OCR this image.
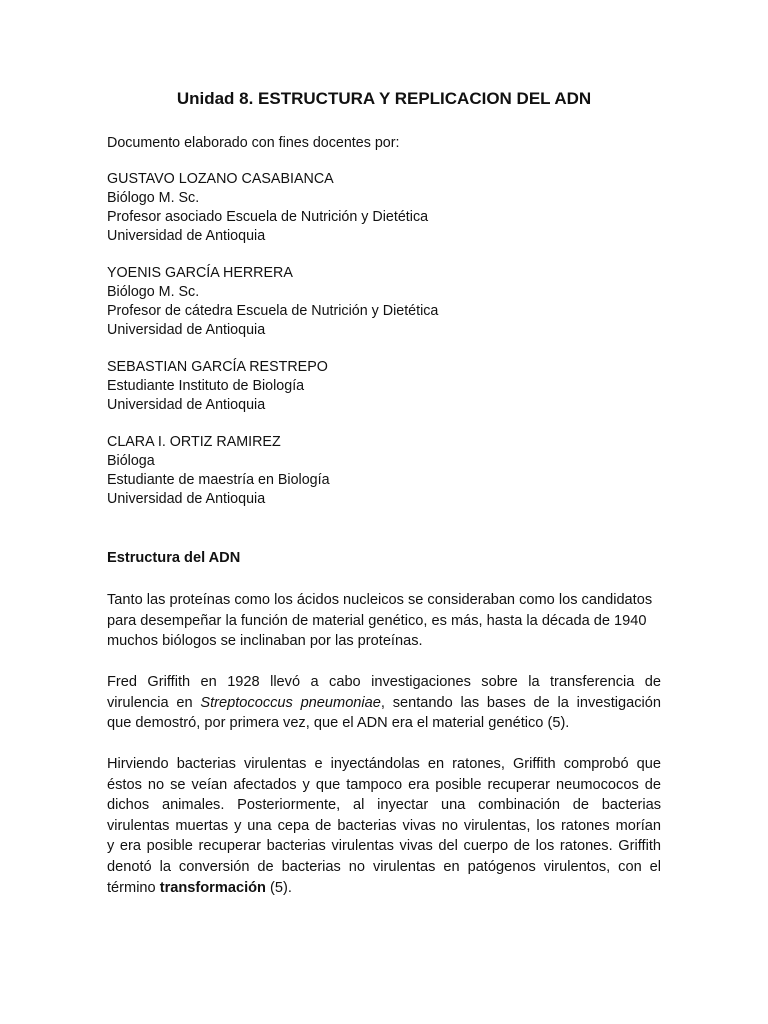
Unidad 8. ESTRUCTURA Y REPLICACION DEL ADN

Documento elaborado con fines docentes por:

GUSTAVO LOZANO CASABIANCA

Biólogo M. Sc.

Profesor asociado Escuela de Nutrición y Dietética

Universidad de Antioquia

YOENIS GARCÍA HERRERA

Biólogo M. Sc.

Profesor de cátedra Escuela de Nutrición y Dietética

Universidad de Antioquia

SEBASTIAN GARCÍA RESTREPO

Estudiante Instituto de Biología

Universidad de Antioquia

CLARA I. ORTIZ RAMIREZ

Bióloga

Estudiante de maestría en Biología

Universidad de Antioquia

Estructura del ADN
Tanto las proteínas como los ácidos nucleicos se consideraban como los candidatos
para desempeñar la función de material genético, es más, hasta la década de 1940
muchos biólogos se inclinaban por las proteínas.
Fred Griffith en 1928 llevó a cabo investigaciones sobre la transferencia de
virulencia en Streptococcus pneumoniae, sentando las bases de la investigación
que demostró, por primera vez, que el ADN era el material genético (5).
Hirviendo bacterias virulentas e inyectándolas en ratones, Griffith comprobó que
éstos no se veían afectados y que tampoco era posible recuperar neumococos de
dichos animales. Posteriormente, al inyectar una combinación de bacterias
virulentas muertas y una cepa de bacterias vivas no virulentas, los ratones morían
y era posible recuperar bacterias virulentas vivas del cuerpo de los ratones. Griffith
denotó la conversión de bacterias no virulentas en patógenos virulentos, con el
término transformación (5).
